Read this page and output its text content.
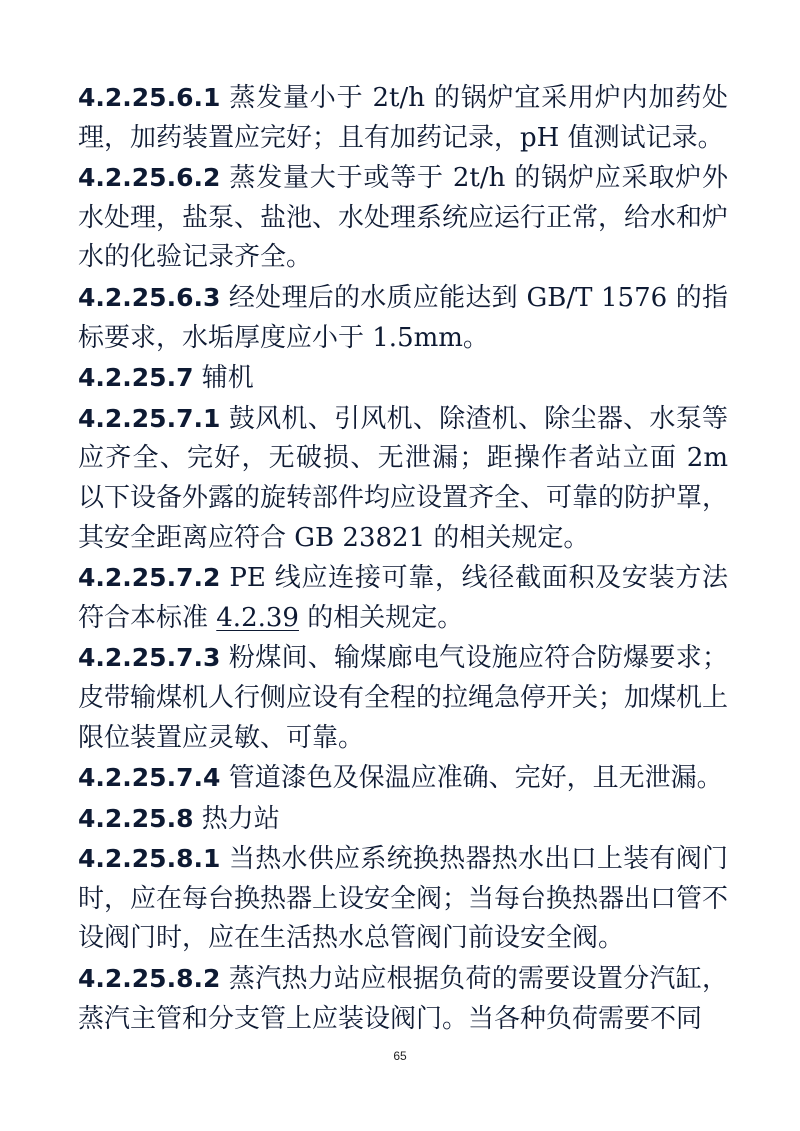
4.2.25.6.1 蒸发量小于 2t/h 的锅炉宜采用炉内加药处理，加药装置应完好；且有加药记录，pH 值测试记录。

4.2.25.6.2 蒸发量大于或等于 2t/h 的锅炉应采取炉外水处理，盐泵、盐池、水处理系统应运行正常，给水和炉水的化验记录齐全。

4.2.25.6.3 经处理后的水质应能达到 GB/T 1576 的指标要求，水垢厚度应小于 1.5mm。

4.2.25.7 辅机

4.2.25.7.1 鼓风机、引风机、除渣机、除尘器、水泵等应齐全、完好，无破损、无泄漏；距操作者站立面 2m 以下设备外露的旋转部件均应设置齐全、可靠的防护罩，其安全距离应符合 GB 23821 的相关规定。

4.2.25.7.2 PE 线应连接可靠，线径截面积及安装方法符合本标准 4.2.39 的相关规定。

4.2.25.7.3 粉煤间、输煤廊电气设施应符合防爆要求；皮带输煤机人行侧应设有全程的拉绳急停开关；加煤机上限位装置应灵敏、可靠。

4.2.25.7.4 管道漆色及保温应准确、完好，且无泄漏。

4.2.25.8 热力站

4.2.25.8.1 当热水供应系统换热器热水出口上装有阀门时，应在每台换热器上设安全阀；当每台换热器出口管不设阀门时，应在生活热水总管阀门前设安全阀。

4.2.25.8.2 蒸汽热力站应根据负荷的需要设置分汽缸，蒸汽主管和分支管上应装设阀门。当各种负荷需要不同

65
